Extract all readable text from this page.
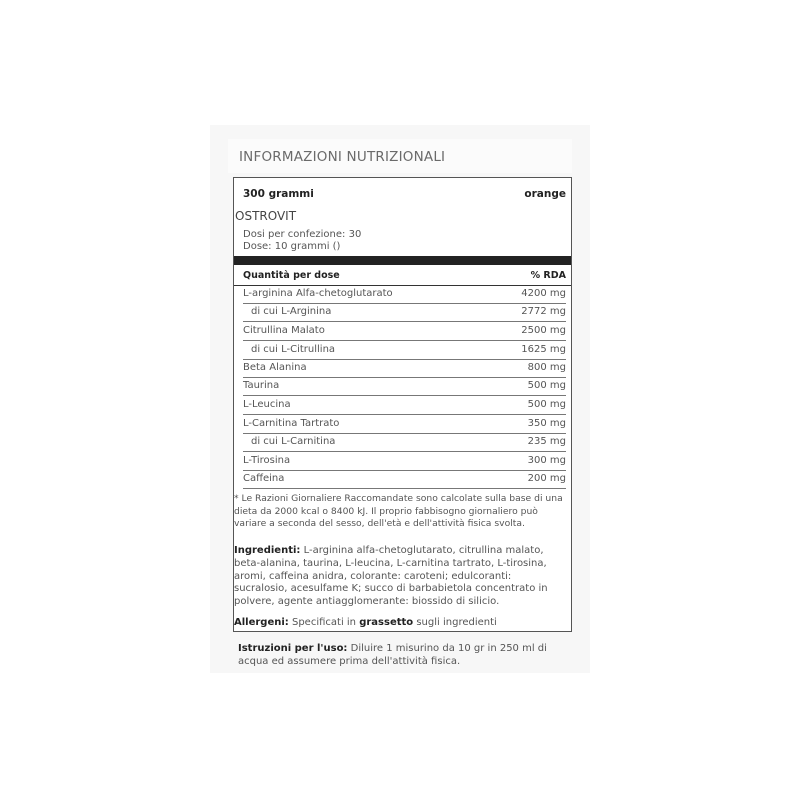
INFORMAZIONI NUTRIZIONALI
300 grammi	orange
OSTROVIT
Dosi per confezione: 30
Dose: 10 grammi ()
Quantità per dose	% RDA
L-arginina Alfa-chetoglutarato	4200 mg
di cui L-Arginina	2772 mg
Citrullina Malato	2500 mg
di cui L-Citrullina	1625 mg
Beta Alanina	800 mg
Taurina	500 mg
L-Leucina	500 mg
L-Carnitina Tartrato	350 mg
di cui L-Carnitina	235 mg
L-Tirosina	300 mg
Caffeina	200 mg
* Le Razioni Giornaliere Raccomandate sono calcolate sulla base di una dieta da 2000 kcal o 8400 kJ. Il proprio fabbisogno giornaliero può variare a seconda del sesso, dell'età e dell'attività fisica svolta.
Ingredienti: L-arginina alfa-chetoglutarato, citrullina malato, beta-alanina, taurina, L-leucina, L-carnitina tartrato, L-tirosina, aromi, caffeina anidra, colorante: caroteni; edulcoranti: sucralosio, acesulfame K; succo di barbabietola concentrato in polvere, agente antiagglomerante: biossido di silicio.
Allergeni: Specificati in grassetto sugli ingredienti
Istruzioni per l'uso: Diluire 1 misurino da 10 gr in 250 ml di acqua ed assumere prima dell'attività fisica.
